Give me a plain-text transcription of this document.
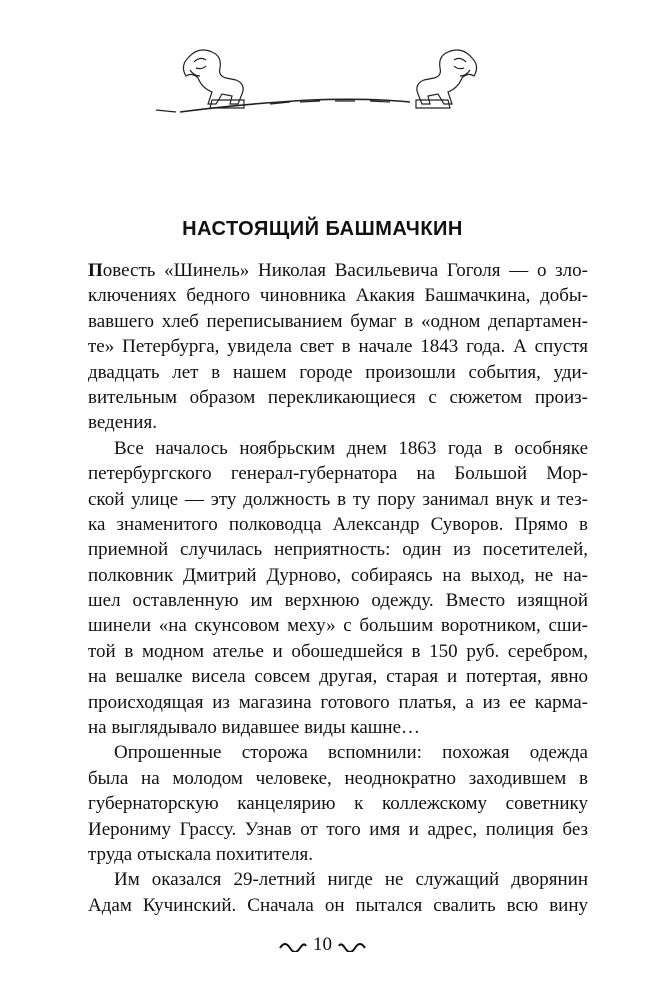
НАСТОЯЩИЙ БАШМАЧКИН
Повесть «Шинель» Николая Васильевича Гоголя — о зло-
ключениях бедного чиновника Акакия Башмачкина, добы-
вавшего хлеб переписыванием бумаг в «одном департамен-
те» Петербурга, увидела свет в начале 1843 года. А спустя
двадцать лет в нашем городе произошли события, уди-
вительным образом перекликающиеся с сюжетом произ-
ведения.
Все началось ноябрьским днем 1863 года в особняке
петербургского генерал-губернатора на Большой Мор-
ской улице — эту должность в ту пору занимал внук и тез-
ка знаменитого полководца Александр Суворов. Прямо в
приемной случилась неприятность: один из посетителей,
полковник Дмитрий Дурново, собираясь на выход, не на-
шел оставленную им верхнюю одежду. Вместо изящной
шинели «на скунсовом меху» с большим воротником, сши-
той в модном ателье и обошедшейся в 150 руб. серебром,
на вешалке висела совсем другая, старая и потертая, явно
происходящая из магазина готового платья, а из ее карма-
на выглядывало видавшее виды кашне…
Опрошенные сторожа вспомнили: похожая одежда
была на молодом человеке, неоднократно заходившем в
губернаторскую канцелярию к коллежскому советнику
Иерониму Грассу. Узнав от того имя и адрес, полиция без
труда отыскала похитителя.
Им оказался 29-летний нигде не служащий дворянин
Адам Кучинский. Сначала он пытался свалить всю вину
10
